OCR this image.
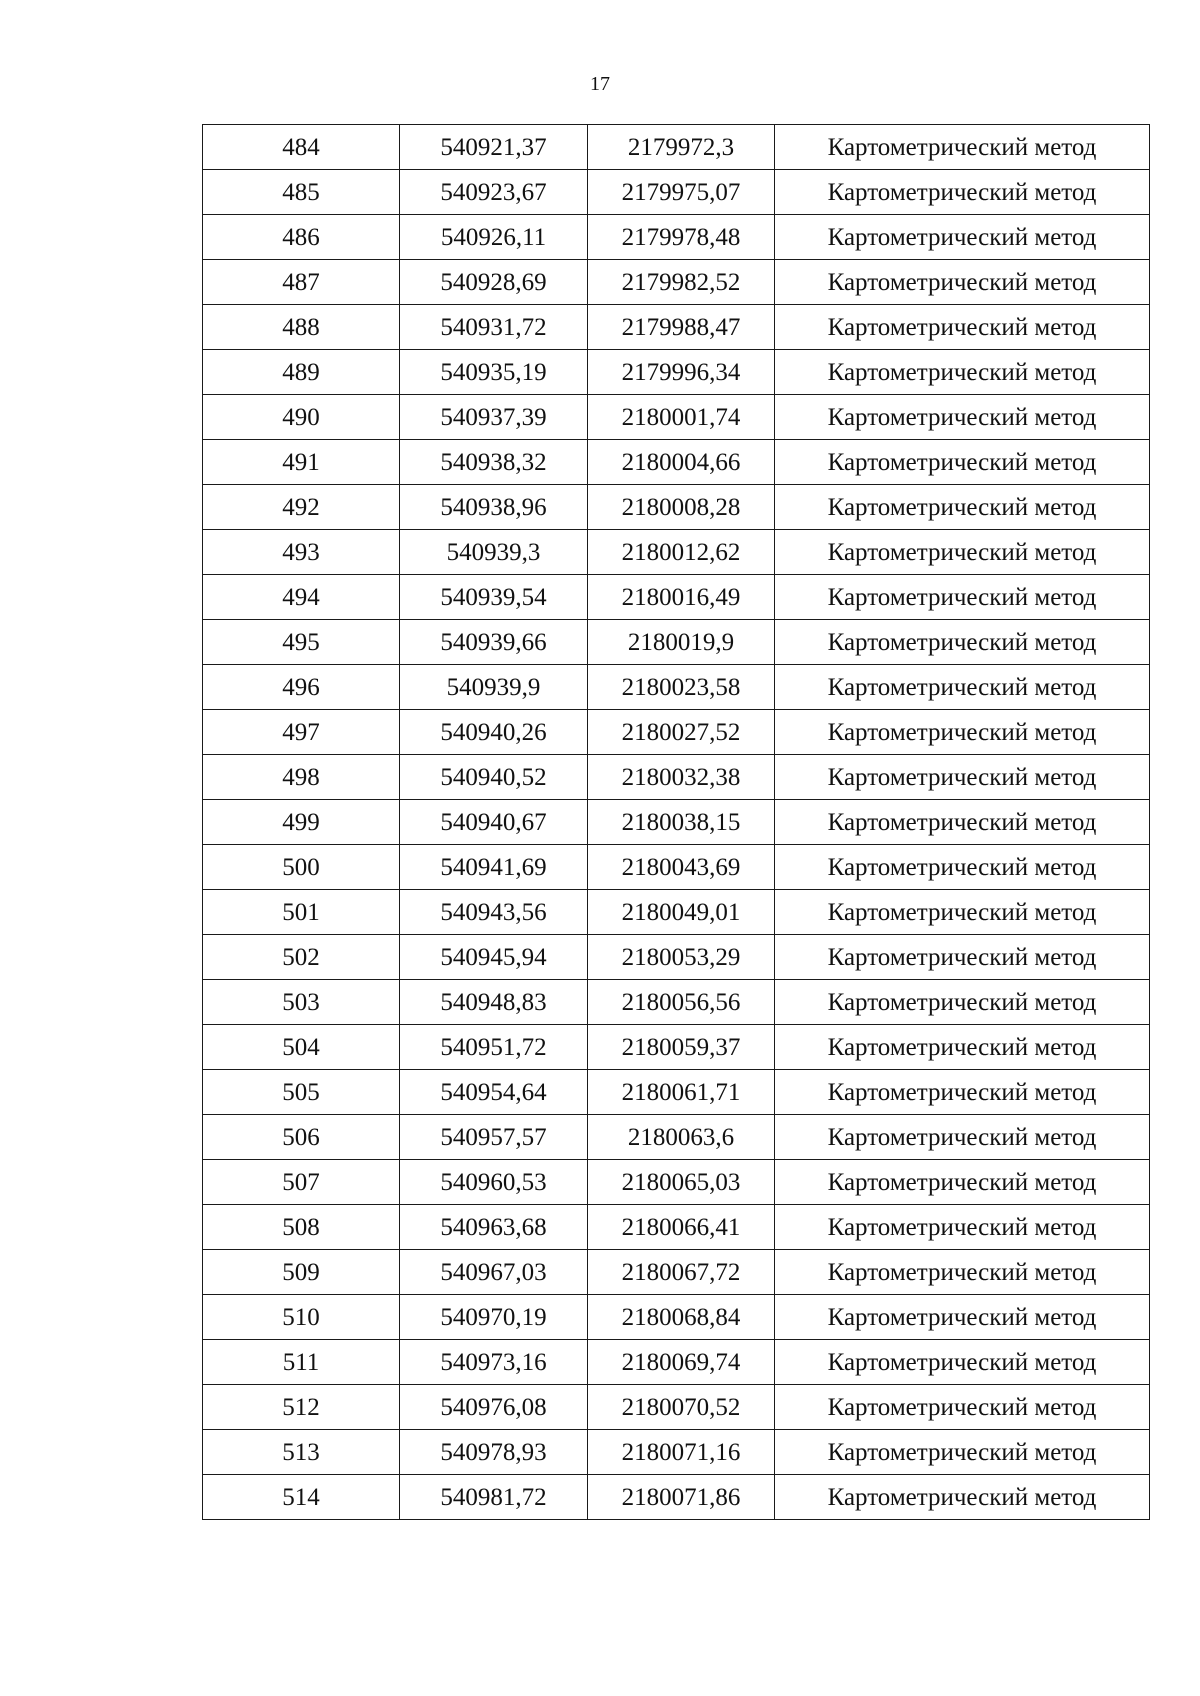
17
484	540921,37	2179972,3	Картометрический метод
485	540923,67	2179975,07	Картометрический метод
486	540926,11	2179978,48	Картометрический метод
487	540928,69	2179982,52	Картометрический метод
488	540931,72	2179988,47	Картометрический метод
489	540935,19	2179996,34	Картометрический метод
490	540937,39	2180001,74	Картометрический метод
491	540938,32	2180004,66	Картометрический метод
492	540938,96	2180008,28	Картометрический метод
493	540939,3	2180012,62	Картометрический метод
494	540939,54	2180016,49	Картометрический метод
495	540939,66	2180019,9	Картометрический метод
496	540939,9	2180023,58	Картометрический метод
497	540940,26	2180027,52	Картометрический метод
498	540940,52	2180032,38	Картометрический метод
499	540940,67	2180038,15	Картометрический метод
500	540941,69	2180043,69	Картометрический метод
501	540943,56	2180049,01	Картометрический метод
502	540945,94	2180053,29	Картометрический метод
503	540948,83	2180056,56	Картометрический метод
504	540951,72	2180059,37	Картометрический метод
505	540954,64	2180061,71	Картометрический метод
506	540957,57	2180063,6	Картометрический метод
507	540960,53	2180065,03	Картометрический метод
508	540963,68	2180066,41	Картометрический метод
509	540967,03	2180067,72	Картометрический метод
510	540970,19	2180068,84	Картометрический метод
511	540973,16	2180069,74	Картометрический метод
512	540976,08	2180070,52	Картометрический метод
513	540978,93	2180071,16	Картометрический метод
514	540981,72	2180071,86	Картометрический метод
